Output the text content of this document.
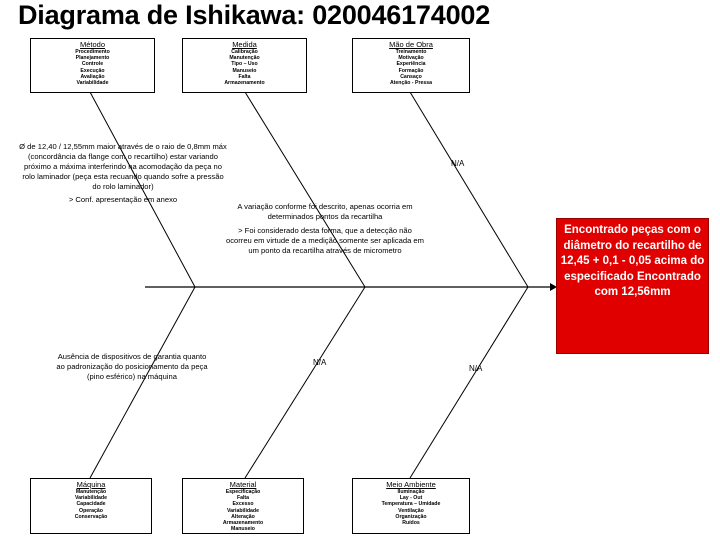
Diagrama de Ishikawa: 020046174002
Método
Procedimento
Planejamento
Controle
Execução
Avaliação
Variabilidade
Medida
Calibração
Manutenção
Tipo – Uso
Manuseio
Falta
Armazenamento
Mão de Obra
Treinamento
Motivação
Experiência
Formação
Cansaço
Atenção - Pressa
Máquina
Manutenção
Variabilidade
Capacidade
Operação
Conservação
Material
Especificação
Falta
Excesso
Variabilidade
Alteração
Armazenamento
Manuseio
Meio Ambiente
Iluminação
Lay - Out
Temperatura – Umidade
Ventilação
Organização
Ruídos

Ø de 12,40 / 12,55mm maior através de o raio de 0,8mm máx (concordância da flange com o recartilho) estar variando próximo a máxima interferindo na acomodação da peça no rolo laminador (peça esta recuando quando sofre a pressão do rolo laminador)

> Conf. apresentação em anexo

A variação conforme foi descrito, apenas ocorria em determinados pontos da recartilha

> Foi considerado desta forma, que a detecção não ocorreu em virtude de a medição somente ser aplicada em um ponto da recartilha através de micrometro

Ausência de dispositivos de garantia quanto ao padronização do posicionamento da peça (pino esférico) na máquina

N/A
N/A
N/A
Encontrado peças com o diâmetro do recartilho de 12,45 + 0,1 - 0,05 acima do especificado Encontrado com 12,56mm
